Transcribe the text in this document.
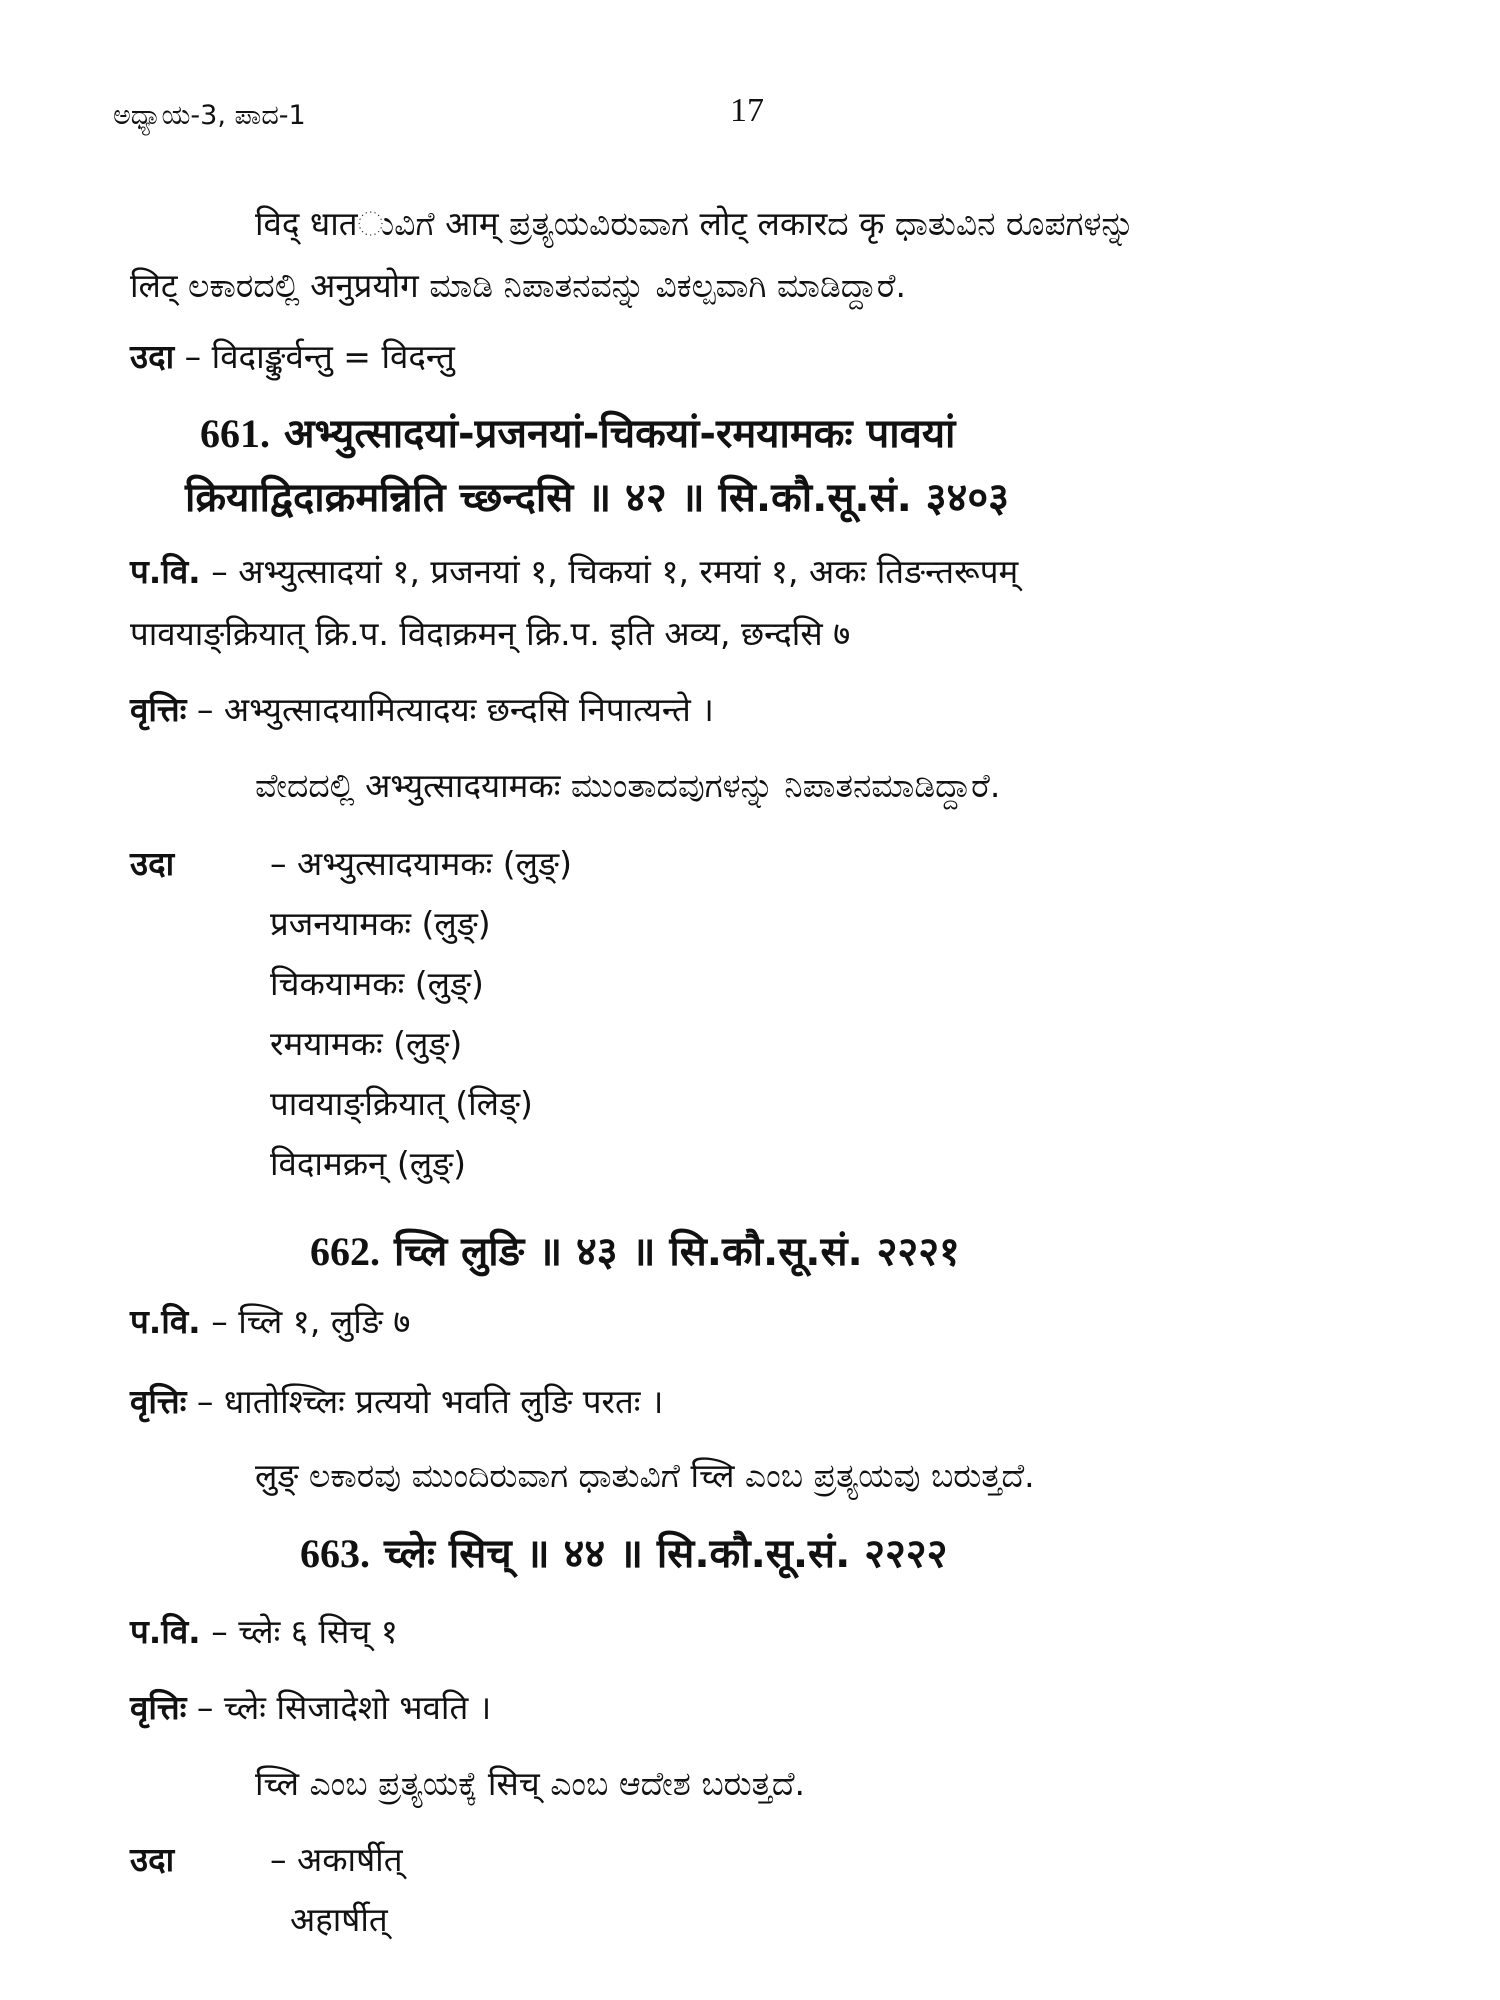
ಅಧ್ಯಾಯ-3, ಪಾದ-1	17
विद् धातುವಿಗೆ आम् ಪ್ರತ್ಯಯವಿರುವಾಗ लोट् लकारದ कृ ಧಾತುವಿನ ರೂಪಗಳನ್ನು
लिट् ಲಕಾರದಲ್ಲಿ अनुप्रयोग ಮಾಡಿ ನಿಪಾತನವನ್ನು ವಿಕಲ್ಪವಾಗಿ ಮಾಡಿದ್ದಾರೆ.
उदा – विदाङ्कुर्वन्तु = विदन्तु
661. अभ्युत्सादयां-प्रजनयां-चिकयां-रमयामकः पावयां
क्रियाद्विदाक्रमन्निति च्छन्दसि ॥ ४२ ॥ सि.कौ.सू.सं. ३४०३
प.वि. – अभ्युत्सादयां १, प्रजनयां १, चिकयां १, रमयां १, अकः तिङन्तरूपम्
पावयाङ्क्रियात् क्रि.प. विदाक्रमन् क्रि.प. इति अव्य, छन्दसि ७
वृत्तिः – अभ्युत्सादयामित्यादयः छन्दसि निपात्यन्ते ।
ವೇದದಲ್ಲಿ अभ्युत्सादयामकः ಮುಂತಾದವುಗಳನ್ನು ನಿಪಾತನಮಾಡಿದ್ದಾರೆ.
उदा	– अभ्युत्सादयामकः (लुङ्)
प्रजनयामकः (लुङ्)
चिकयामकः (लुङ्)
रमयामकः (लुङ्)
पावयाङ्क्रियात् (लिङ्)
विदामक्रन् (लुङ्)
662. च्लि लुङि ॥ ४३ ॥ सि.कौ.सू.सं. २२२१
प.वि. – च्लि १, लुङि ७
वृत्तिः – धातोश्च्लिः प्रत्ययो भवति लुङि परतः ।
लुङ् ಲಕಾರವು ಮುಂದಿರುವಾಗ ಧಾತುವಿಗೆ च्लि ಎಂಬ ಪ್ರತ್ಯಯವು ಬರುತ್ತದೆ.
663. च्लेः सिच् ॥ ४४ ॥ सि.कौ.सू.सं. २२२२
प.वि. – च्लेः ६ सिच् १
वृत्तिः – च्लेः सिजादेशो भवति ।
च्लि ಎಂಬ ಪ್ರತ್ಯಯಕ್ಕೆ सिच् ಎಂಬ ಆದೇಶ ಬರುತ್ತದೆ.
उदा	– अकार्षीत्
अहार्षीत्
